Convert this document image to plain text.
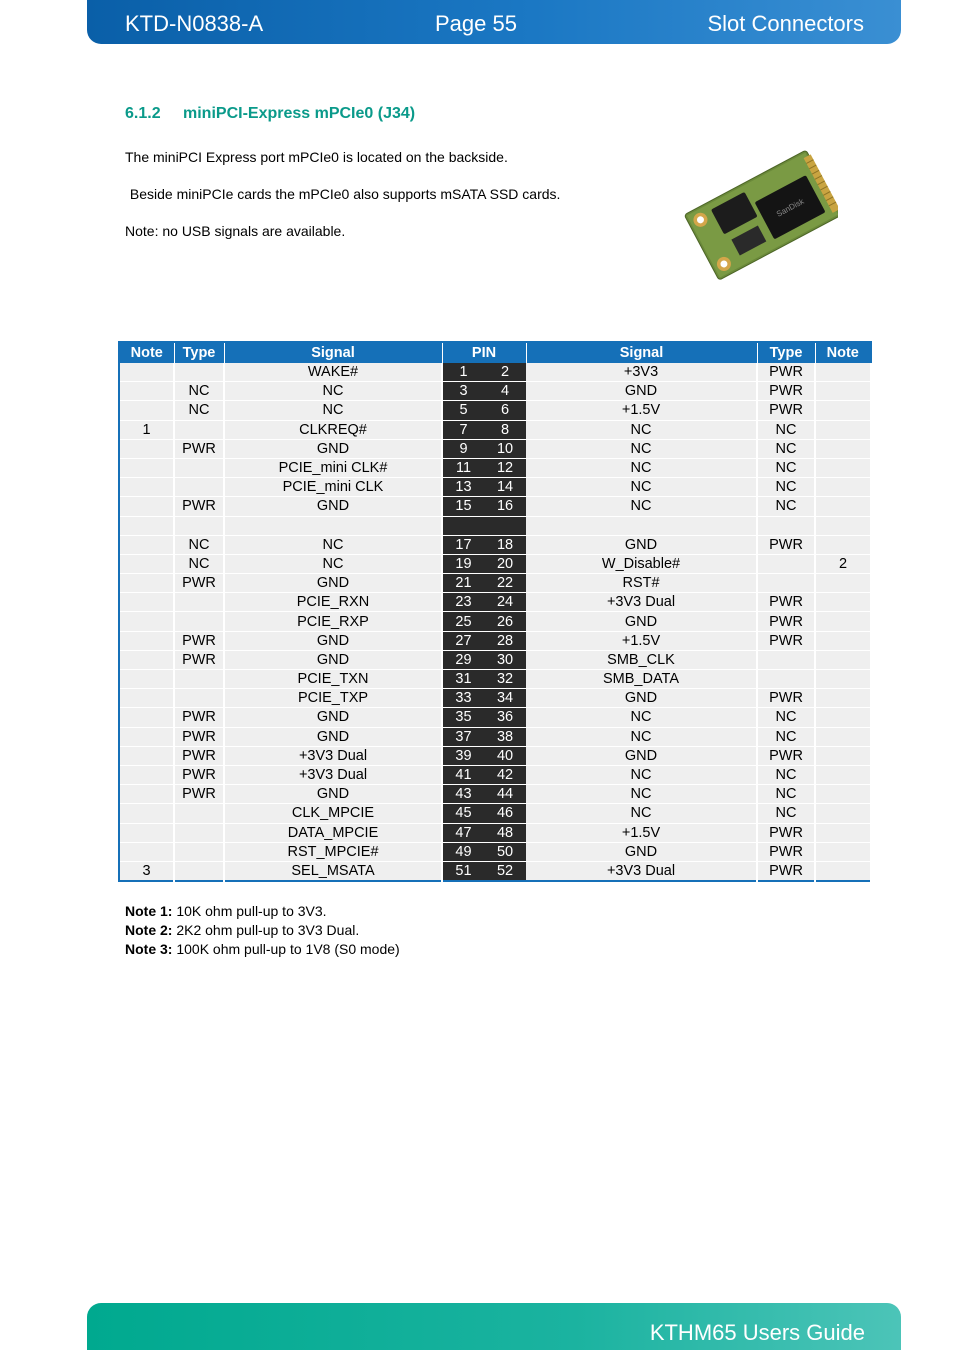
KTD-N0838-A	Page 55	Slot Connectors
6.1.2 miniPCI-Express mPCIe0 (J34)
The miniPCI Express port mPCIe0 is located on the backside.
Beside miniPCIe cards the mPCIe0 also supports mSATA SSD cards.
Note: no USB signals are available.
SanDisk
Note	Type	Signal	PIN		Signal	Type	Note
		WAKE#	1	2	+3V3	PWR	
	NC	NC	3	4	GND	PWR	
	NC	NC	5	6	+1.5V	PWR	
1		CLKREQ#	7	8	NC	NC	
	PWR	GND	9	10	NC	NC	
		PCIE_mini CLK#	11	12	NC	NC	
		PCIE_mini CLK	13	14	NC	NC	
	PWR	GND	15	16	NC	NC	

	NC	NC	17	18	GND	PWR	
	NC	NC	19	20	W_Disable#		2
	PWR	GND	21	22	RST#		
		PCIE_RXN	23	24	+3V3 Dual	PWR	
		PCIE_RXP	25	26	GND	PWR	
	PWR	GND	27	28	+1.5V	PWR	
	PWR	GND	29	30	SMB_CLK		
		PCIE_TXN	31	32	SMB_DATA		
		PCIE_TXP	33	34	GND	PWR	
	PWR	GND	35	36	NC	NC	
	PWR	GND	37	38	NC	NC	
	PWR	+3V3 Dual	39	40	GND	PWR	
	PWR	+3V3 Dual	41	42	NC	NC	
	PWR	GND	43	44	NC	NC	
		CLK_MPCIE	45	46	NC	NC	
		DATA_MPCIE	47	48	+1.5V	PWR	
		RST_MPCIE#	49	50	GND	PWR	
3		SEL_MSATA	51	52	+3V3 Dual	PWR	
Note 1: 10K ohm pull-up to 3V3.
Note 2: 2K2 ohm pull-up to 3V3 Dual.
Note 3: 100K ohm pull-up to 1V8 (S0 mode)
KTHM65 Users Guide
